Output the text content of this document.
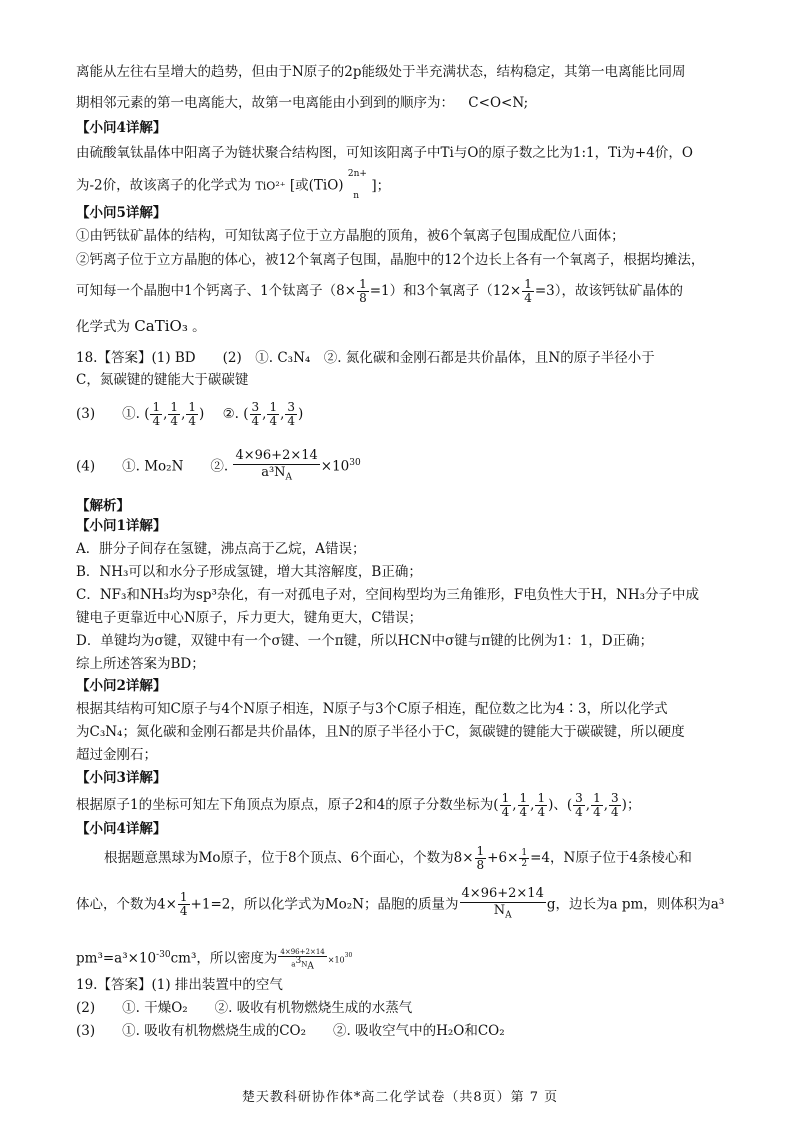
离能从左往右呈增大的趋势，但由于N原子的2p能级处于半充满状态，结构稳定，其第一电离能比同周
期相邻元素的第一电离能大，故第一电离能由小到到的顺序为： C<O<N;
【小问4详解】
由硫酸氧钛晶体中阳离子为链状聚合结构图，可知该阳离子中Ti与O的原子数之比为1:1，Ti为+4价，O
为-2价，故该离子的化学式为 TiO²⁺ [或(TiO) $^{2n+}$ $_n$ ]；
【小问5详解】
①由钙钛矿晶体的结构，可知钛离子位于立方晶胞的顶角，被6个氧离子包围成配位八面体；
②钙离子位于立方晶胞的体心，被12个氧离子包围，晶胞中的12个边长上各有一个氧离子，根据均摊法，
可知每一个晶胞中1个钙离子、1个钛离子$(8\times \frac{1}{8} =1)$和3个氧离子$(12\times \frac{1}{4} =3)$，故该钙钛矿晶体的
化学式为 CaTiO₃ 。
18.【答案】(1) BD　　(2)　①. C₃N₄　②. 氮化碳和金刚石都是共价晶体，且N的原子半径小于
C，氮碳键的键能大于碳碳键
(3)　　①. ( $\frac{1}{4}$ , $\frac{1}{4}$ , $\frac{1}{4}$ ) ②. ( $\frac{3}{4}$ , $\frac{1}{4}$ , $\frac{3}{4}$ )
(4)　　①. Mo₂N　　②. $\frac{4\times 96+2\times 14}{a^3N_A} \times 10^{30}$
【解析】
【小问1详解】
A．肼分子间存在氢键，沸点高于乙烷，A错误；
B．NH₃可以和水分子形成氢键，增大其溶解度，B正确；
C．NF₃和NH₃均为sp³杂化，有一对孤电子对，空间构型均为三角锥形，F电负性大于H，NH₃分子中成
键电子更靠近中心N原子，斥力更大，键角更大，C错误；
D．单键均为σ键，双键中有一个σ键、一个π键，所以HCN中σ键与π键的比例为1：1，D正确；
综上所述答案为BD；
【小问2详解】
根据其结构可知C原子与4个N原子相连，N原子与3个C原子相连，配位数之比为4∶3，所以化学式
为C₃N₄；氮化碳和金刚石都是共价晶体，且N的原子半径小于C，氮碳键的键能大于碳碳键，所以硬度
超过金刚石；
【小问3详解】
根据原子1的坐标可知左下角顶点为原点，原子2和4的原子分数坐标为( $\frac{1}{4}$ , $\frac{1}{4}$ , $\frac{1}{4}$ )、( $\frac{3}{4}$ , $\frac{1}{4}$ , $\frac{3}{4}$ )；
【小问4详解】
根据题意黑球为Mo原子，位于8个顶点、6个面心，个数为$8\times \frac{1}{8} +6\times \frac{1}{2} =4$，N原子位于4条棱心和
体心，个数为$4\times \frac{1}{4} +1=2$，所以化学式为Mo₂N；晶胞的质量为 $\frac{4\times 96+2\times 14}{N_A}$ g，边长为a pm，则体积为a³
$pm^3=a^3\times 10^{-30}cm^3$，所以密度为 $\frac{4\times 96+2\times 14}{a^3N_A} \times 10^{30}$
19.【答案】(1) 排出装置中的空气
(2)　　①. 干燥O₂　　②. 吸收有机物燃烧生成的水蒸气
(3)　　①. 吸收有机物燃烧生成的CO₂　　②. 吸收空气中的H₂O和CO₂
楚天教科研协作体*高二化学试卷（共8页）第 7 页
